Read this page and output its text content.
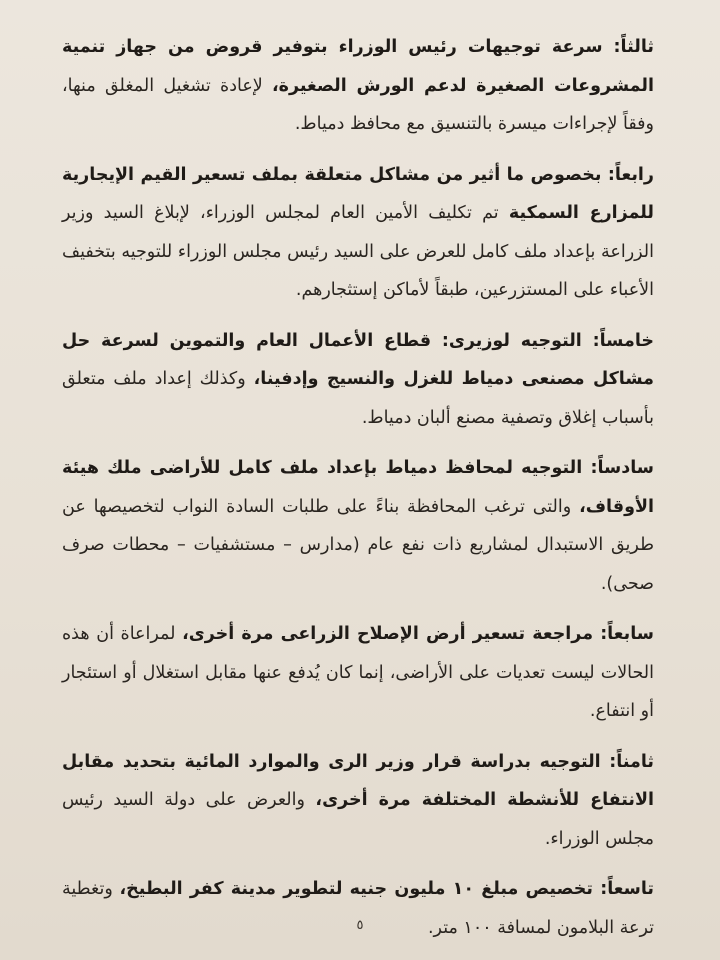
ثالثاً: سرعة توجيهات رئيس الوزراء بتوفير قروض من جهاز تنمية المشروعات الصغيرة لدعم الورش الصغيرة، لإعادة تشغيل المغلق منها، وفقاً لإجراءات ميسرة بالتنسيق مع محافظ دمياط.

رابعاً: بخصوص ما أثير من مشاكل متعلقة بملف تسعير القيم الإيجارية للمزارع السمكية تم تكليف الأمين العام لمجلس الوزراء، لإبلاغ السيد وزير الزراعة بإعداد ملف كامل للعرض على السيد رئيس مجلس الوزراء للتوجيه بتخفيف الأعباء على المستزرعين، طبقاً لأماكن إستثجارهم.

خامساً: التوجيه لوزيرى: قطاع الأعمال العام والتموين لسرعة حل مشاكل مصنعى دمياط للغزل والنسيج وإدفينا، وكذلك إعداد ملف متعلق بأسباب إغلاق وتصفية مصنع ألبان دمياط.

سادساً: التوجيه لمحافظ دمياط بإعداد ملف كامل للأراضى ملك هيئة الأوقاف، والتى ترغب المحافظة بناءً على طلبات السادة النواب لتخصيصها عن طريق الاستبدال لمشاريع ذات نفع عام (مدارس – مستشفيات – محطات صرف صحى).

سابعاً: مراجعة تسعير أرض الإصلاح الزراعى مرة أخرى، لمراعاة أن هذه الحالات ليست تعديات على الأراضى، إنما كان يُدفع عنها مقابل استغلال أو استئجار أو انتفاع.

ثامناً: التوجيه بدراسة قرار وزير الرى والموارد المائية بتحديد مقابل الانتفاع للأنشطة المختلفة مرة أخرى، والعرض على دولة السيد رئيس مجلس الوزراء.

تاسعاً: تخصيص مبلغ ١٠ مليون جنيه لتطوير مدينة كفر البطيخ، وتغطية ترعة البلامون لمسافة ١٠٠ متر.

٥
